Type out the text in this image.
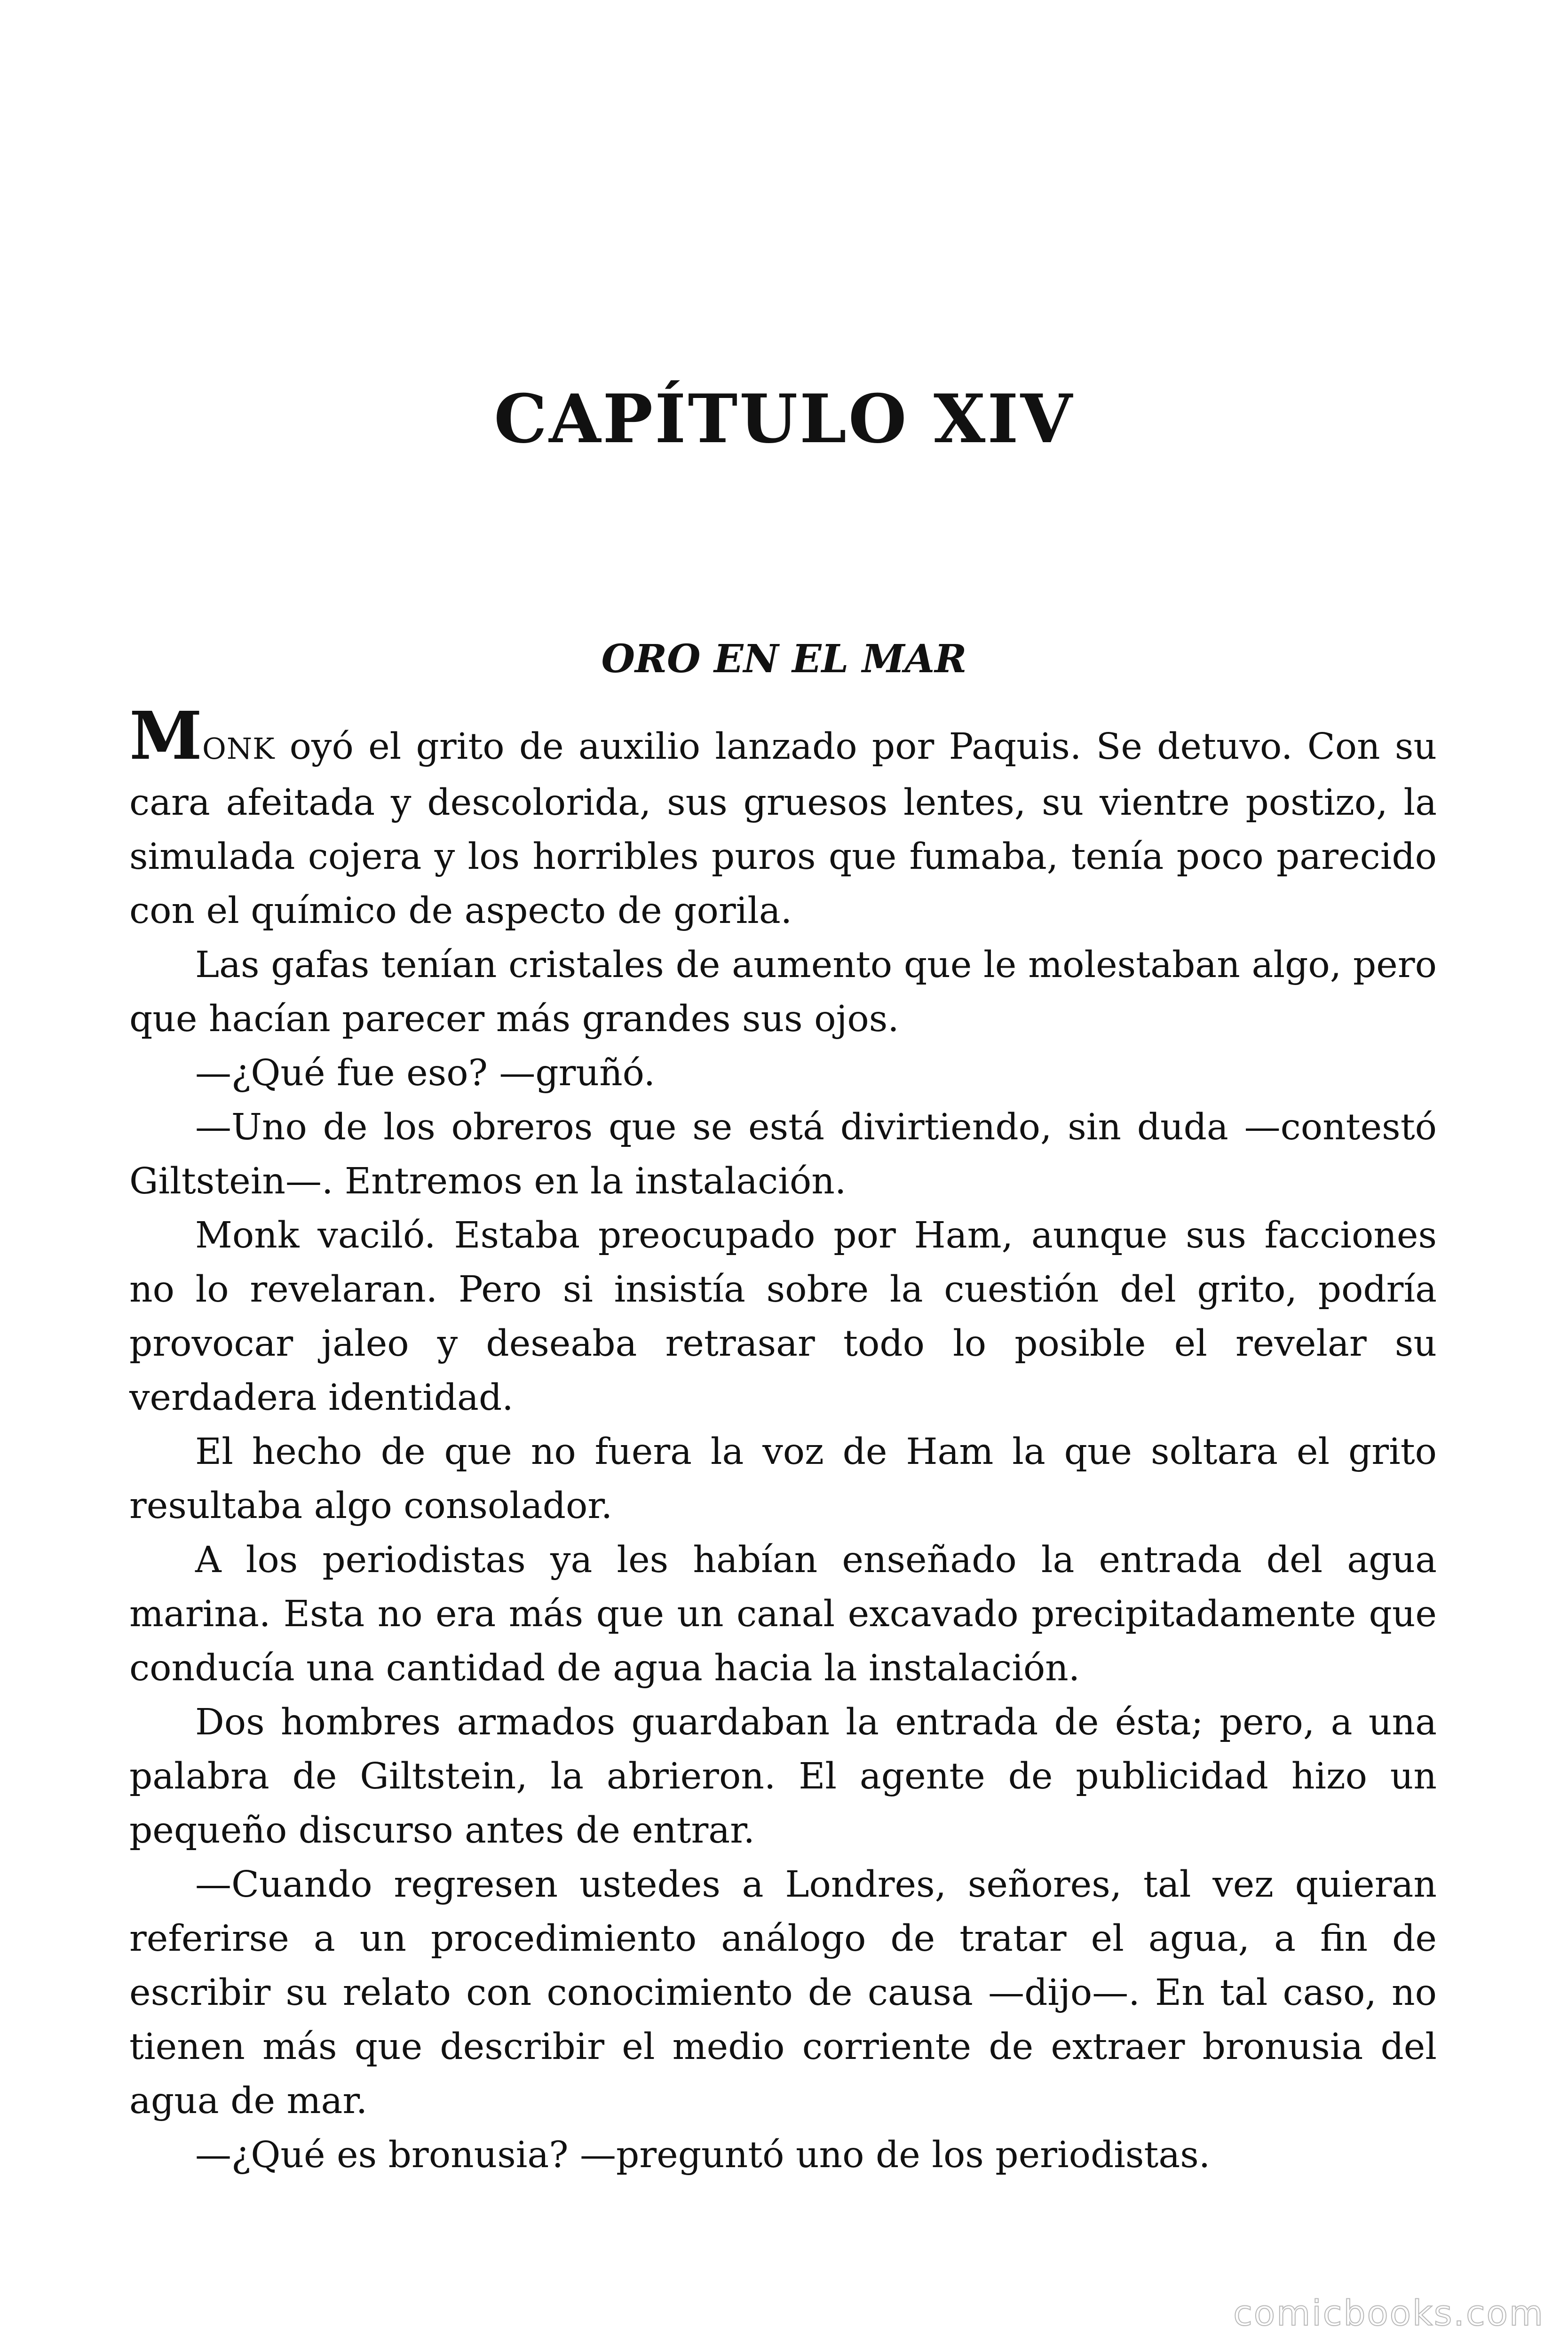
CAPÍTULO XIV
ORO EN EL MAR

MONK oyó el grito de auxilio lanzado por Paquis. Se detuvo. Con su cara afeitada y descolorida, sus gruesos lentes, su vientre postizo, la simulada cojera y los horribles puros que fumaba, tenía poco parecido con el químico de aspecto de gorila.

Las gafas tenían cristales de aumento que le molestaban algo, pero que hacían parecer más grandes sus ojos.

—¿Qué fue eso? —gruñó.

—Uno de los obreros que se está divirtiendo, sin duda —contestó Giltstein—. Entremos en la instalación.

Monk vaciló. Estaba preocupado por Ham, aunque sus facciones no lo revelaran. Pero si insistía sobre la cuestión del grito, podría provocar jaleo y deseaba retrasar todo lo posible el revelar su verdadera identidad.

El hecho de que no fuera la voz de Ham la que soltara el grito resultaba algo consolador.

A los periodistas ya les habían enseñado la entrada del agua marina. Esta no era más que un canal excavado precipitadamente que conducía una cantidad de agua hacia la instalación.

Dos hombres armados guardaban la entrada de ésta; pero, a una palabra de Giltstein, la abrieron. El agente de publicidad hizo un pequeño discurso antes de entrar.

—Cuando regresen ustedes a Londres, señores, tal vez quieran referirse a un procedimiento análogo de tratar el agua, a fin de escribir su relato con conocimiento de causa —dijo—. En tal caso, no tienen más que describir el medio corriente de extraer bronusia del agua de mar.

—¿Qué es bronusia? —preguntó uno de los periodistas.

comicbooks.com
